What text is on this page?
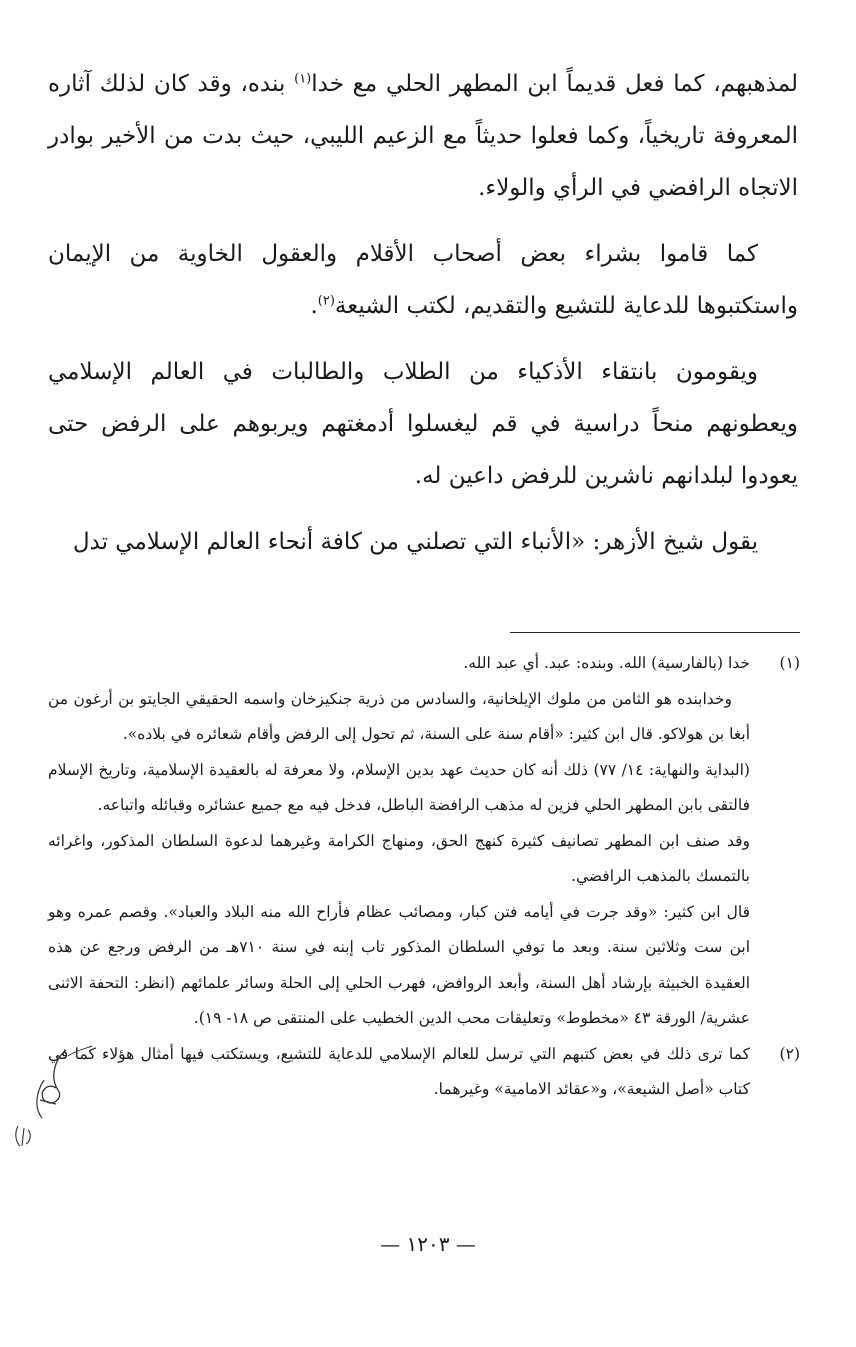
لمذهبهم، كما فعل قديماً ابن المطهر الحلي مع خدا$^{(١)}$ بنده، وقد كان لذلك آثاره المعروفة تاريخياً، وكما فعلوا حديثاً مع الزعيم الليبي، حيث بدت من الأخير بوادر الاتجاه الرافضي في الرأي والولاء.

كما قاموا بشراء بعض أصحاب الأقلام والعقول الخاوية من الإيمان واستكتبوها للدعاية للتشيع والتقديم، لكتب الشيعة$^{(٢)}$.

ويقومون بانتقاء الأذكياء من الطلاب والطالبات في العالم الإسلامي ويعطونهم منحاً دراسية في قم ليغسلوا أدمغتهم ويربوهم على الرفض حتى يعودوا لبلدانهم ناشرين للرفض داعين له.

يقول شيخ الأزهر: «الأنباء التي تصلني من كافة أنحاء العالم الإسلامي تدل

(١)

خدا (بالفارسية) الله. وبنده: عبد. أي عبد الله.

وخدابنده هو الثامن من ملوك الإيلخانية، والسادس من ذرية جنكيزخان واسمه الحقيقي الجايتو بن أرغون من أبغا بن هولاكو. قال ابن كثير: «أقام سنة على السنة، ثم تحول إلى الرفض وأقام شعائره في بلاده».

(البداية والنهاية: ١٤/ ٧٧) ذلك أنه كان حديث عهد بدين الإسلام، ولا معرفة له بالعقيدة الإسلامية، وتاريخ الإسلام فالتقى بابن المطهر الحلي فزين له مذهب الرافضة الباطل، فدخل فيه مع جميع عشائره وقبائله واتباعه.

وقد صنف ابن المطهر تصانيف كثيرة كنهج الحق، ومنهاج الكرامة وغيرهما لدعوة السلطان المذكور، واغرائه بالتمسك بالمذهب الرافضي.

قال ابن كثير: «وقد جرت في أيامه فتن كبار، ومصائب عظام فأراح الله منه البلاد والعباد». وقصم عمره وهو ابن ست وثلاثين سنة. وبعد ما توفي السلطان المذكور تاب إبنه في سنة ٧١٠هـ من الرفض ورجع عن هذه العقيدة الخبيثة بإرشاد أهل السنة، وأبعد الروافض، فهرب الحلي إلى الحلة وسائر علمائهم (انظر: التحفة الاثنى عشرية/ الورقة ٤٣ «مخطوط» وتعليقات محب الدين الخطيب على المنتقى ص ١٨- ١٩).

(٢)

كما ترى ذلك في بعض كتبهم التي ترسل للعالم الإسلامي للدعاية للتشيع، ويستكتب فيها أمثال هؤلاء كما في كتاب «أصل الشيعة»، و«عقائد الامامية» وغيرهما.

— ١٢٠٣ —
